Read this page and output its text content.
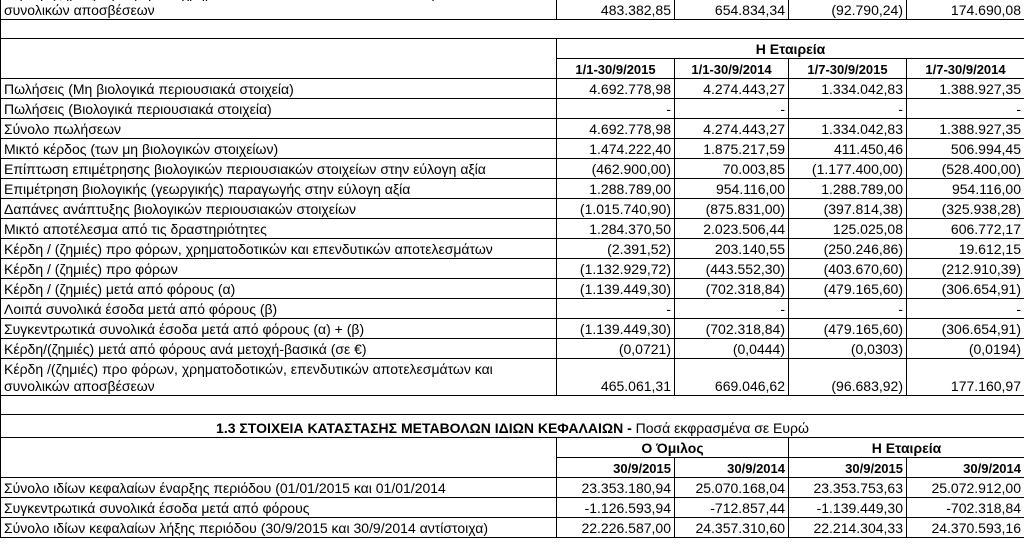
συνολικών αποσβέσεων	483.382,85	654.834,34	(92.790,24)	174.690,08

	Η Εταιρεία			
	1/1-30/9/2015	1/1-30/9/2014	1/7-30/9/2015	1/7-30/9/2014
Πωλήσεις (Μη βιολογικά περιουσιακά στοιχεία)	4.692.778,98	4.274.443,27	1.334.042,83	1.388.927,35
Πωλήσεις (Βιολογικά περιουσιακά στοιχεία)	-	-	-	-
Σύνολο πωλήσεων	4.692.778,98	4.274.443,27	1.334.042,83	1.388.927,35
Μικτό κέρδος (των μη βιολογικών στοιχείων)	1.474.222,40	1.875.217,59	411.450,46	506.994,45
Επίπτωση επιμέτρησης βιολογικών περιουσιακών στοιχείων στην εύλογη αξία	(462.900,00)	70.003,85	(1.177.400,00)	(528.400,00)
Επιμέτρηση βιολογικής (γεωργικής) παραγωγής στην εύλογη αξία	1.288.789,00	954.116,00	1.288.789,00	954.116,00
Δαπάνες ανάπτυξης βιολογικών περιουσιακών στοιχείων	(1.015.740,90)	(875.831,00)	(397.814,38)	(325.938,28)
Μικτό αποτέλεσμα από τις δραστηριότητες	1.284.370,50	2.023.506,44	125.025,08	606.772,17
Κέρδη / (ζημιές) προ φόρων, χρηματοδοτικών και επενδυτικών αποτελεσμάτων	(2.391,52)	203.140,55	(250.246,86)	19.612,15
Κέρδη / (ζημιές) προ φόρων	(1.132.929,72)	(443.552,30)	(403.670,60)	(212.910,39)
Κέρδη / (ζημιές) μετά από φόρους (α)	(1.139.449,30)	(702.318,84)	(479.165,60)	(306.654,91)
Λοιπά συνολικά έσοδα μετά από φόρους (β)	-	-	-	-
Συγκεντρωτικά συνολικά έσοδα μετά από φόρους (α) + (β)	(1.139.449,30)	(702.318,84)	(479.165,60)	(306.654,91)
Κέρδη/(ζημιές) μετά από φόρους ανά μετοχή-βασικά (σε €)	(0,0721)	(0,0444)	(0,0303)	(0,0194)

Κέρδη /(ζημιές) προ φόρων, χρηματοδοτικών, επενδυτικών αποτελεσμάτων και
συνολικών αποσβέσεων	465.061,31	669.046,62	(96.683,92)	177.160,97

1.3 ΣΤΟΙΧΕΙΑ ΚΑΤΑΣΤΑΣΗΣ ΜΕΤΑΒΟΛΩΝ ΙΔΙΩΝ ΚΕΦΑΛΑΙΩΝ - Ποσά εκφρασμένα σε Ευρώ				
	Ο Όμιλος		Η Εταιρεία	
	30/9/2015	30/9/2014	30/9/2015	30/9/2014
Σύνολο ιδίων κεφαλαίων έναρξης περιόδου (01/01/2015 και 01/01/2014	23.353.180,94	25.070.168,04	23.353.753,63	25.072.912,00
Συγκεντρωτικά συνολικά έσοδα μετά από φόρους	-1.126.593,94	-712.857,44	-1.139.449,30	-702.318,84
Σύνολο ιδίων κεφαλαίων λήξης περιόδου (30/9/2015 και 30/9/2014 αντίστοιχα)	22.226.587,00	24.357.310,60	22.214.304,33	24.370.593,16
